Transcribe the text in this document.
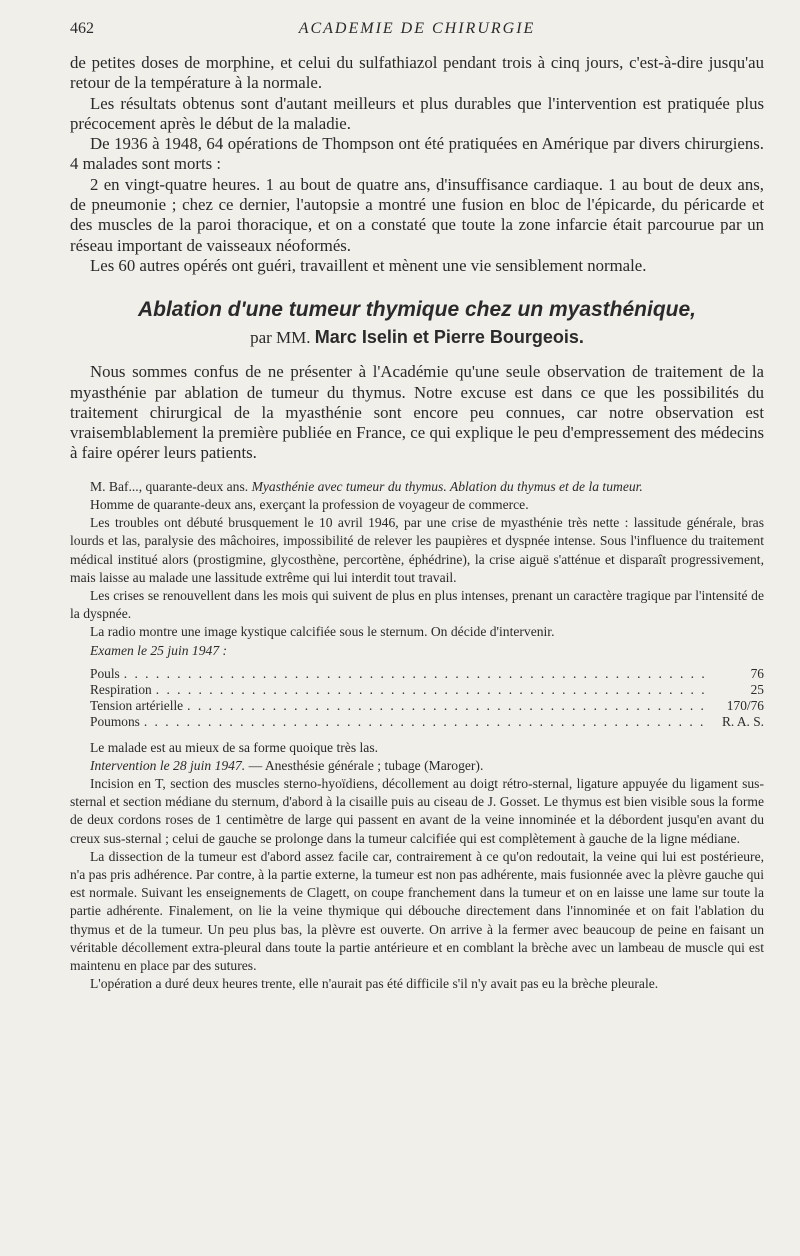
462	ACADEMIE DE CHIRURGIE

de petites doses de morphine, et celui du sulfathiazol pendant trois à cinq jours, c'est-à-dire jusqu'au retour de la température à la normale.

Les résultats obtenus sont d'autant meilleurs et plus durables que l'intervention est pratiquée plus précocement après le début de la maladie.

De 1936 à 1948, 64 opérations de Thompson ont été pratiquées en Amérique par divers chirurgiens. 4 malades sont morts :

2 en vingt-quatre heures. 1 au bout de quatre ans, d'insuffisance cardiaque. 1 au bout de deux ans, de pneumonie ; chez ce dernier, l'autopsie a montré une fusion en bloc de l'épicarde, du péricarde et des muscles de la paroi thoracique, et on a constaté que toute la zone infarcie était parcourue par un réseau important de vaisseaux néoformés.

Les 60 autres opérés ont guéri, travaillent et mènent une vie sensiblement normale.

Ablation d'une tumeur thymique chez un myasthénique,
par MM. Marc Iselin et Pierre Bourgeois.

Nous sommes confus de ne présenter à l'Académie qu'une seule observation de traitement de la myasthénie par ablation de tumeur du thymus. Notre excuse est dans ce que les possibilités du traitement chirurgical de la myasthénie sont encore peu connues, car notre observation est vraisemblablement la première publiée en France, ce qui explique le peu d'empressement des médecins à faire opérer leurs patients.

M. Baf..., quarante-deux ans. Myasthénie avec tumeur du thymus. Ablation du thymus et de la tumeur.

Homme de quarante-deux ans, exerçant la profession de voyageur de commerce.

Les troubles ont débuté brusquement le 10 avril 1946, par une crise de myasthénie très nette : lassitude générale, bras lourds et las, paralysie des mâchoires, impossibilité de relever les paupières et dyspnée intense. Sous l'influence du traitement médical institué alors (prostigmine, glycosthène, percortène, éphédrine), la crise aiguë s'atténue et disparaît progressivement, mais laisse au malade une lassitude extrême qui lui interdit tout travail.

Les crises se renouvellent dans les mois qui suivent de plus en plus intenses, prenant un caractère tragique par l'intensité de la dyspnée.

La radio montre une image kystique calcifiée sous le sternum. On décide d'intervenir.

Examen le 25 juin 1947 :

Pouls . . .	76
Respiration . . .	25
Tension artérielle . . .	170/76
Poumons . . .	R. A. S.

Le malade est au mieux de sa forme quoique très las.

Intervention le 28 juin 1947. — Anesthésie générale ; tubage (Maroger).

Incision en T, section des muscles sterno-hyoïdiens, décollement au doigt rétro-sternal, ligature appuyée du ligament sus-sternal et section médiane du sternum, d'abord à la cisaille puis au ciseau de J. Gosset. Le thymus est bien visible sous la forme de deux cordons roses de 1 centimètre de large qui passent en avant de la veine innominée et la débordent jusqu'en avant du creux sus-sternal ; celui de gauche se prolonge dans la tumeur calcifiée qui est complètement à gauche de la ligne médiane.

La dissection de la tumeur est d'abord assez facile car, contrairement à ce qu'on redoutait, la veine qui lui est postérieure, n'a pas pris adhérence. Par contre, à la partie externe, la tumeur est non pas adhérente, mais fusionnée avec la plèvre gauche qui est normale. Suivant les enseignements de Clagett, on coupe franchement dans la tumeur et on en laisse une lame sur toute la partie adhérente. Finalement, on lie la veine thymique qui débouche directement dans l'innominée et on fait l'ablation du thymus et de la tumeur. Un peu plus bas, la plèvre est ouverte. On arrive à la fermer avec beaucoup de peine en faisant un véritable décollement extra-pleural dans toute la partie antérieure et en comblant la brèche avec un lambeau de muscle qui est maintenu en place par des sutures.

L'opération a duré deux heures trente, elle n'aurait pas été difficile s'il n'y avait pas eu la brèche pleurale.
